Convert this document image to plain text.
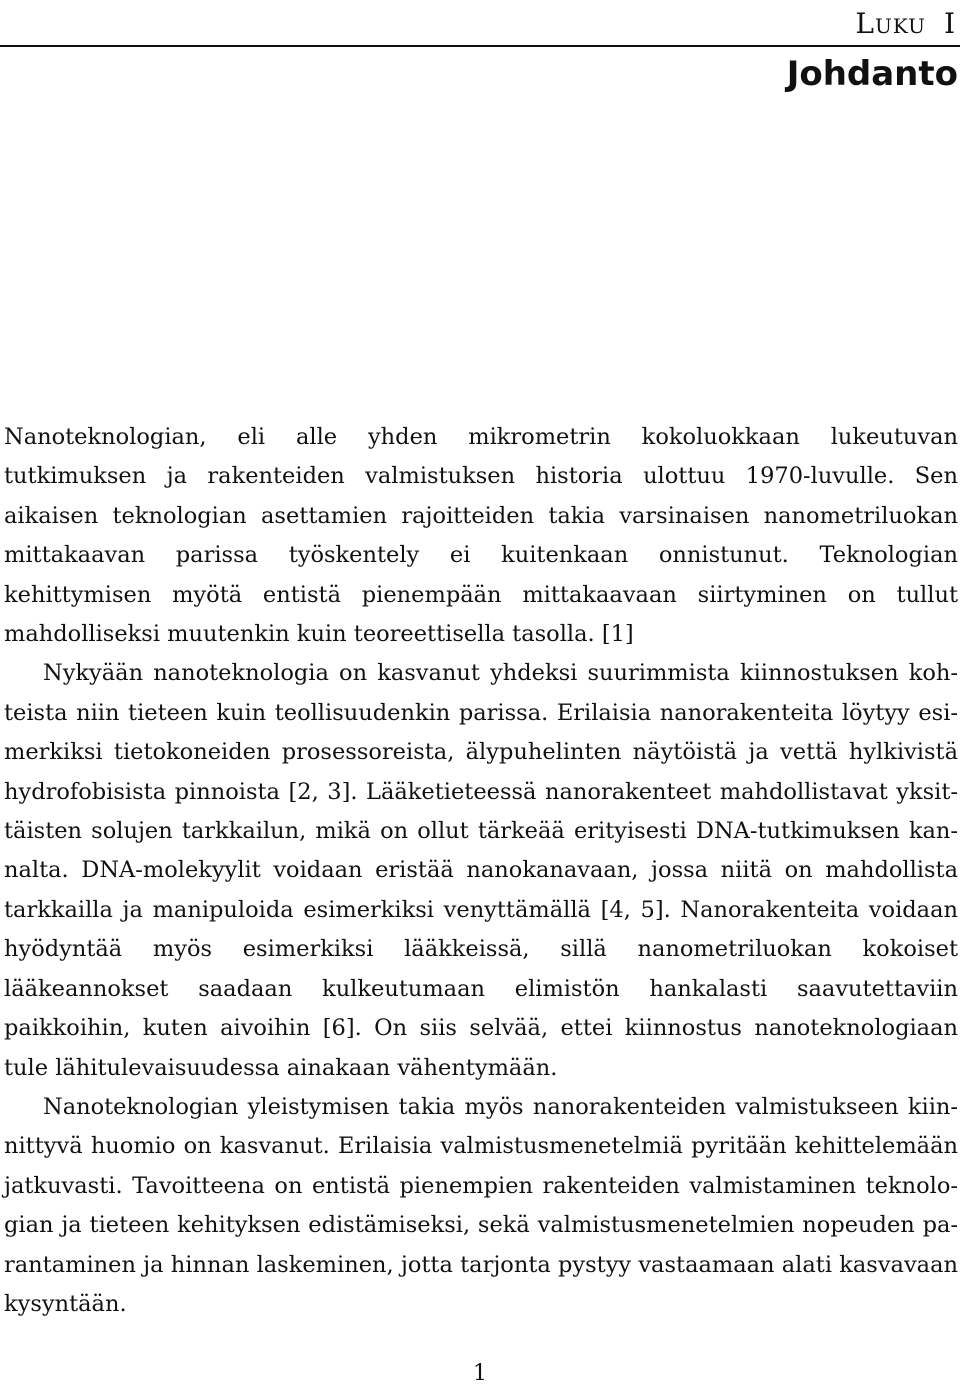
Luku I
Johdanto

Nanoteknologian, eli alle yhden mikrometrin kokoluokkaan lukeutuvan tutkimuksen ja rakenteiden valmistuksen historia ulottuu 1970-luvulle. Sen aikaisen teknologian asettamien rajoitteiden takia varsinaisen nanometriluokan mittakaavan parissa työskentely ei kuitenkaan onnistunut. Teknologian kehittymisen myötä entistä pienempään mittakaavaan siirtyminen on tullut mahdolliseksi muutenkin kuin teoreettisella tasolla. [1]

Nykyään nanoteknologia on kasvanut yhdeksi suurimmista kiinnostuksen kohteista niin tieteen kuin teollisuudenkin parissa. Erilaisia nanorakenteita löytyy esimerkiksi tietokoneiden prosessoreista, älypuhelinten näytöistä ja vettä hylkivistä hydrofobisista pinnoista [2, 3]. Lääketieteessä nanorakenteet mahdollistavat yksittäisten solujen tarkkailun, mikä on ollut tärkeää erityisesti DNA-tutkimuksen kannalta. DNA-molekyylit voidaan eristää nanokanavaan, jossa niitä on mahdollista tarkkailla ja manipuloida esimerkiksi venyttämällä [4, 5]. Nanorakenteita voidaan hyödyntää myös esimerkiksi lääkkeissä, sillä nanometriluokan kokoiset lääkeannokset saadaan kulkeutumaan elimistön hankalasti saavutettaviin paikkoihin, kuten aivoihin [6]. On siis selvää, ettei kiinnostus nanoteknologiaan tule lähitulevaisuudessa ainakaan vähentymään.

Nanoteknologian yleistymisen takia myös nanorakenteiden valmistukseen kiinnittyvä huomio on kasvanut. Erilaisia valmistusmenetelmiä pyritään kehittelemään jatkuvasti. Tavoitteena on entistä pienempien rakenteiden valmistaminen teknologian ja tieteen kehityksen edistämiseksi, sekä valmistusmenetelmien nopeuden parantaminen ja hinnan laskeminen, jotta tarjonta pystyy vastaamaan alati kasvavaan kysyntään.

1
